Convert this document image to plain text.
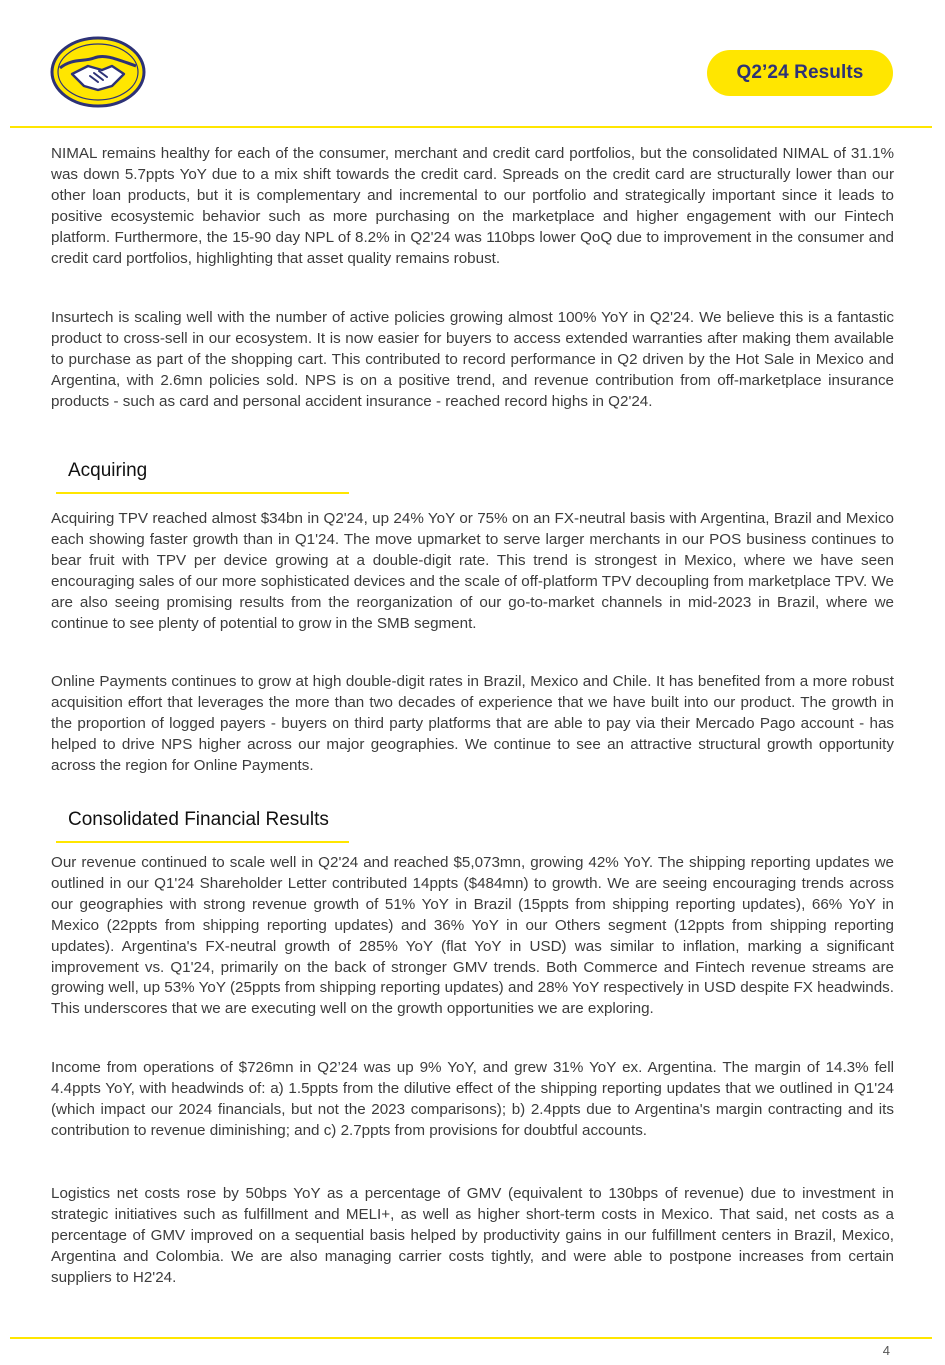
Q2’24 Results

NIMAL remains healthy for each of the consumer, merchant and credit card portfolios, but the consolidated NIMAL of 31.1% was down 5.7ppts YoY due to a mix shift towards the credit card. Spreads on the credit card are structurally lower than our other loan products, but it is complementary and incremental to our portfolio and strategically important since it leads to positive ecosystemic behavior such as more purchasing on the marketplace and higher engagement with our Fintech platform. Furthermore, the 15-90 day NPL of 8.2% in Q2'24 was 110bps lower QoQ due to improvement in the consumer and credit card portfolios, highlighting that asset quality remains robust.

Insurtech is scaling well with the number of active policies growing almost 100% YoY in Q2'24. We believe this is a fantastic product to cross-sell in our ecosystem. It is now easier for buyers to access extended warranties after making them available to purchase as part of the shopping cart. This contributed to record performance in Q2 driven by the Hot Sale in Mexico and Argentina, with 2.6mn policies sold. NPS is on a positive trend, and revenue contribution from off-marketplace insurance products - such as card and personal accident insurance - reached record highs in Q2'24.

Acquiring

Acquiring TPV reached almost $34bn in Q2'24, up 24% YoY or 75% on an FX-neutral basis with Argentina, Brazil and Mexico each showing faster growth than in Q1'24. The move upmarket to serve larger merchants in our POS business continues to bear fruit with TPV per device growing at a double-digit rate. This trend is strongest in Mexico, where we have seen encouraging sales of our more sophisticated devices and the scale of off-platform TPV decoupling from marketplace TPV. We are also seeing promising results from the reorganization of our go-to-market channels in mid-2023 in Brazil, where we continue to see plenty of potential to grow in the SMB segment.

Online Payments continues to grow at high double-digit rates in Brazil, Mexico and Chile. It has benefited from a more robust acquisition effort that leverages the more than two decades of experience that we have built into our product. The growth in the proportion of logged payers - buyers on third party platforms that are able to pay via their Mercado Pago account - has helped to drive NPS higher across our major geographies. We continue to see an attractive structural growth opportunity across the region for Online Payments.

Consolidated Financial Results

Our revenue continued to scale well in Q2'24 and reached $5,073mn, growing 42% YoY. The shipping reporting updates we outlined in our Q1'24 Shareholder Letter contributed 14ppts ($484mn) to growth. We are seeing encouraging trends across our geographies with strong revenue growth of 51% YoY in Brazil (15ppts from shipping reporting updates), 66% YoY in Mexico (22ppts from shipping reporting updates) and 36% YoY in our Others segment (12ppts from shipping reporting updates). Argentina's FX-neutral growth of 285% YoY (flat YoY in USD) was similar to inflation, marking a significant improvement vs. Q1'24, primarily on the back of stronger GMV trends. Both Commerce and Fintech revenue streams are growing well, up 53% YoY (25ppts from shipping reporting updates) and 28% YoY respectively in USD despite FX headwinds. This underscores that we are executing well on the growth opportunities we are exploring.

Income from operations of $726mn in Q2’24 was up 9% YoY, and grew 31% YoY ex. Argentina. The margin of 14.3% fell 4.4ppts YoY, with headwinds of: a) 1.5ppts from the dilutive effect of the shipping reporting updates that we outlined in Q1'24 (which impact our 2024 financials, but not the 2023 comparisons); b) 2.4ppts due to Argentina's margin contracting and its contribution to revenue diminishing; and c) 2.7ppts from provisions for doubtful accounts.

Logistics net costs rose by 50bps YoY as a percentage of GMV (equivalent to 130bps of revenue) due to investment in strategic initiatives such as fulfillment and MELI+, as well as higher short-term costs in Mexico. That said, net costs as a percentage of GMV improved on a sequential basis helped by productivity gains in our fulfillment centers in Brazil, Mexico, Argentina and Colombia. We are also managing carrier costs tightly, and were able to postpone increases from certain suppliers to H2'24.

4
